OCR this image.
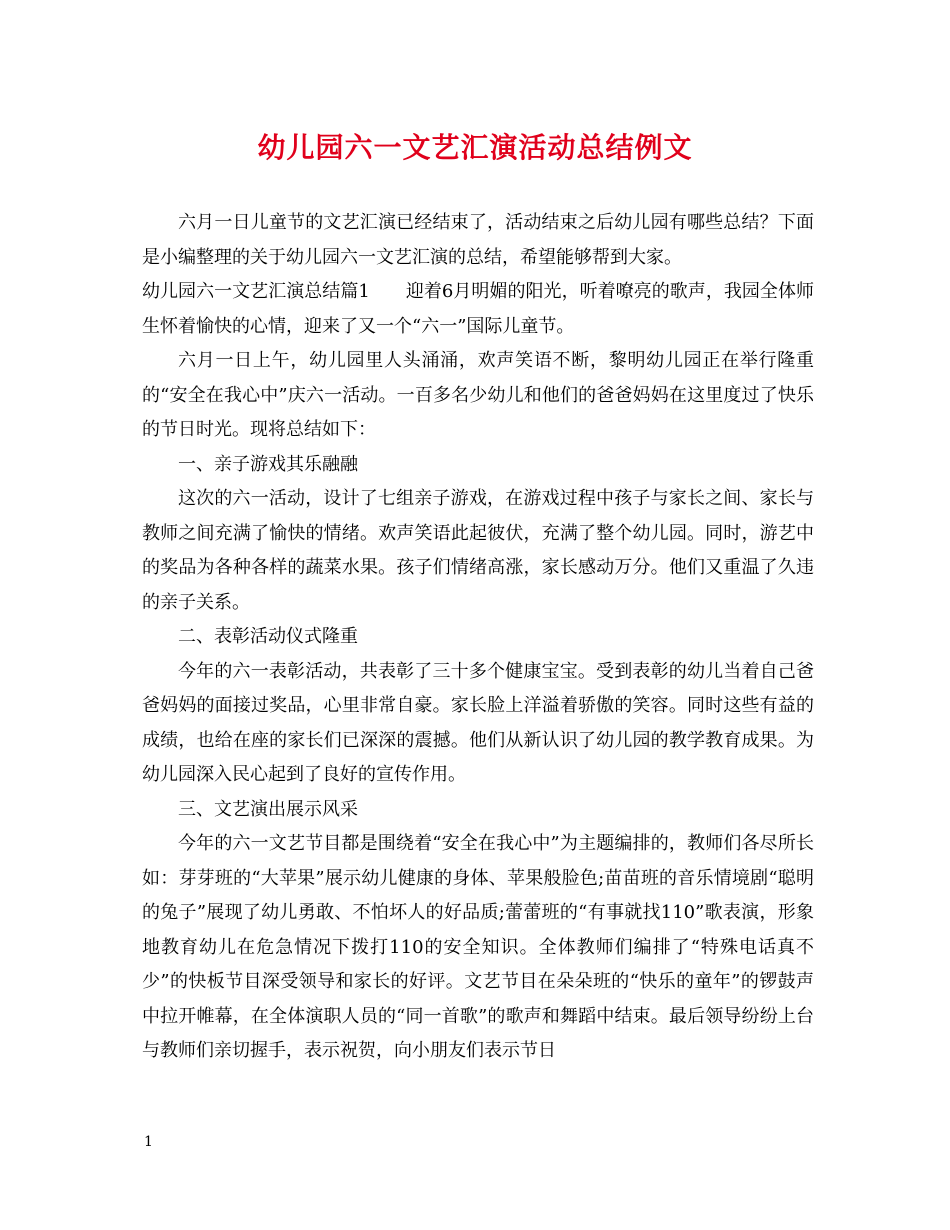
幼儿园六一文艺汇演活动总结例文

六月一日儿童节的文艺汇演已经结束了，活动结束之后幼儿园有哪些总结？下面是小编整理的关于幼儿园六一文艺汇演的总结，希望能够帮到大家。

幼儿园六一文艺汇演总结篇1 迎着6月明媚的阳光，听着嘹亮的歌声，我园全体师生怀着愉快的心情，迎来了又一个“六一”国际儿童节。

六月一日上午，幼儿园里人头涌涌，欢声笑语不断，黎明幼儿园正在举行隆重的“安全在我心中”庆六一活动。一百多名少幼儿和他们的爸爸妈妈在这里度过了快乐的节日时光。现将总结如下：

一、亲子游戏其乐融融

这次的六一活动，设计了七组亲子游戏，在游戏过程中孩子与家长之间、家长与教师之间充满了愉快的情绪。欢声笑语此起彼伏，充满了整个幼儿园。同时，游艺中的奖品为各种各样的蔬菜水果。孩子们情绪高涨，家长感动万分。他们又重温了久违的亲子关系。

二、表彰活动仪式隆重

今年的六一表彰活动，共表彰了三十多个健康宝宝。受到表彰的幼儿当着自己爸爸妈妈的面接过奖品，心里非常自豪。家长脸上洋溢着骄傲的笑容。同时这些有益的成绩，也给在座的家长们已深深的震撼。他们从新认识了幼儿园的教学教育成果。为幼儿园深入民心起到了良好的宣传作用。

三、文艺演出展示风采

今年的六一文艺节目都是围绕着“安全在我心中”为主题编排的，教师们各尽所长如：芽芽班的“大苹果”展示幼儿健康的身体、苹果般脸色;苗苗班的音乐情境剧“聪明的兔子”展现了幼儿勇敢、不怕坏人的好品质;蕾蕾班的“有事就找110”歌表演，形象地教育幼儿在危急情况下拨打110的安全知识。全体教师们编排了“特殊电话真不少”的快板节目深受领导和家长的好评。文艺节目在朵朵班的“快乐的童年”的锣鼓声中拉开帷幕，在全体演职人员的“同一首歌”的歌声和舞蹈中结束。最后领导纷纷上台与教师们亲切握手，表示祝贺，向小朋友们表示节日

1
